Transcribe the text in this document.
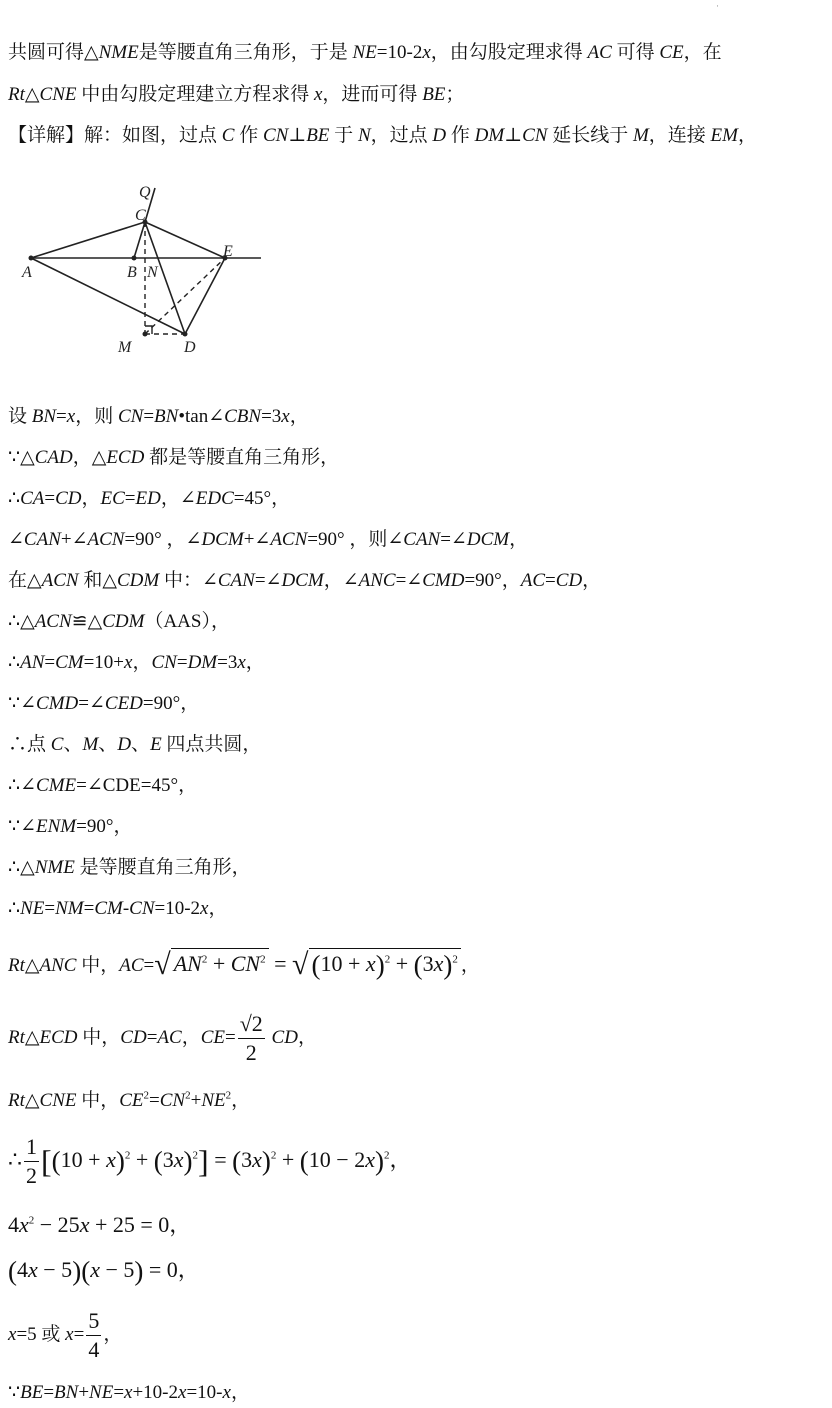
·
共圆可得△NME是等腰直角三角形，于是 NE=10-2x，由勾股定理求得 AC 可得 CE，在
Rt△CNE 中由勾股定理建立方程求得 x，进而可得 BE；
【详解】解：如图，过点 C 作 CN⊥BE 于 N，过点 D 作 DM⊥CN 延长线于 M，连接 EM，
Q
C
A	B N
E
M	D
设 BN=x，则 CN=BN•tan∠CBN=3x，
∵△CAD，△ECD 都是等腰直角三角形，
∴CA=CD，EC=ED，∠EDC=45°，
∠CAN+∠ACN=90° ，∠DCM+∠ACN=90° ，则∠CAN=∠DCM，
在△ACN 和△CDM 中：∠CAN=∠DCM，∠ANC=∠CMD=90°，AC=CD，
∴△ACN≌△CDM（AAS），
∴AN=CM=10+x，CN=DM=3x，
∵∠CMD=∠CED=90°，
∴点 C、M、D、E 四点共圆，
∴∠CME=∠CDE=45°，
∵∠ENM=90°，
∴△NME 是等腰直角三角形，
∴NE=NM=CM-CN=10-2x，
Rt△ANC 中，AC=√ $AN^2 + CN^2$ = √ $(10 + x)^2 + (3x)^2$ ，
Rt△ECD 中，CD=AC，$CE= \frac{√2}{2}$ CD，
Rt△CNE 中，$CE^2=CN^2+NE^2$，
∴ $\frac{1}{2} [(10 + x)^2 + (3x)^2] = (3x)^2 + (10 - 2x)^2$，
$4x^2 - 25x + 25 = 0$，
(4x − 5)(x − 5) = 0，
x=5 或 $x= \frac{5}{4}$ ，
∵BE=BN+NE=x+10-2x=10-x，
